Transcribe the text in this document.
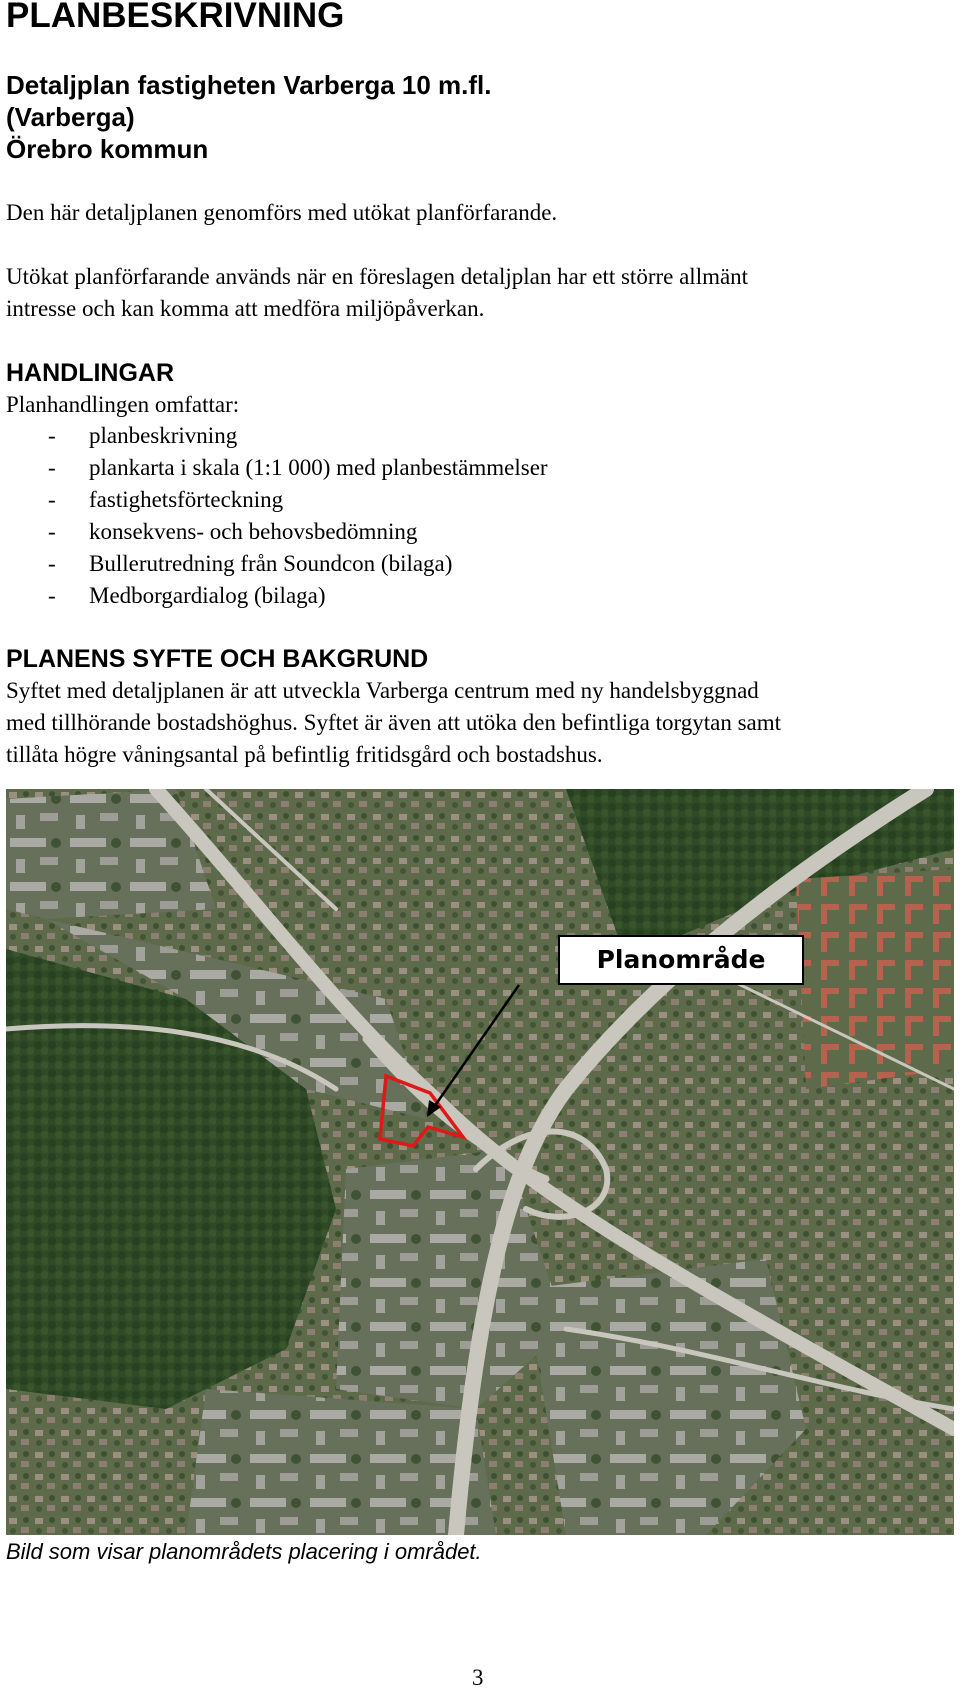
PLANBESKRIVNING
Detaljplan fastigheten Varberga 10 m.fl.
(Varberga)
Örebro kommun

Den här detaljplanen genomförs med utökat planförfarande.

Utökat planförfarande används när en föreslagen detaljplan har ett större allmänt

intresse och kan komma att medföra miljöpåverkan.

HANDLINGAR

Planhandlingen omfattar:

- planbeskrivning
- plankarta i skala (1:1 000) med planbestämmelser
- fastighetsförteckning
- konsekvens- och behovsbedömning
- Bullerutredning från Soundcon (bilaga)
- Medborgardialog (bilaga)
PLANENS SYFTE OCH BAKGRUND

Syftet med detaljplanen är att utveckla Varberga centrum med ny handelsbyggnad

med tillhörande bostadshöghus. Syftet är även att utöka den befintliga torgytan samt

tillåta högre våningsantal på befintlig fritidsgård och bostadshus.

Planområde
Bild som visar planområdets placering i området.
3
